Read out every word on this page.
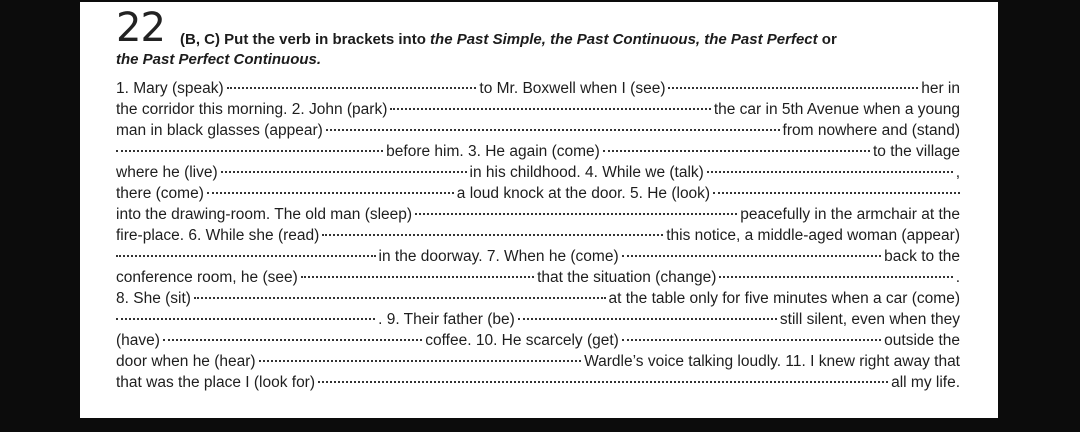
22 (B, C) Put the verb in brackets into the Past Simple, the Past Continuous, the Past Perfect or
the Past Perfect Continuous.
1. Mary (speak)	to Mr. Boxwell when I (see)	her in
the corridor this morning. 2. John (park)	the car in 5th Avenue when a young
man in black glasses (appear)	from nowhere and (stand)
before him. 3. He again (come)	to the village
where he (live)	in his childhood. 4. While we (talk)	,
there (come)	a loud knock at the door. 5. He (look)
into the drawing-room. The old man (sleep)	peacefully in the armchair at the
fire-place. 6. While she (read)	this notice, a middle-aged woman (appear)
in the doorway. 7. When he (come)	back to the
conference room, he (see)	that the situation (change)	.
8. She (sit)	at the table only for five minutes when a car (come)
. 9. Their father (be)	still silent, even when they
(have)	coffee. 10. He scarcely (get)	outside the
door when he (hear)	Wardle’s voice talking loudly. 11. I knew right away that
that was the place I (look for)	all my life.
